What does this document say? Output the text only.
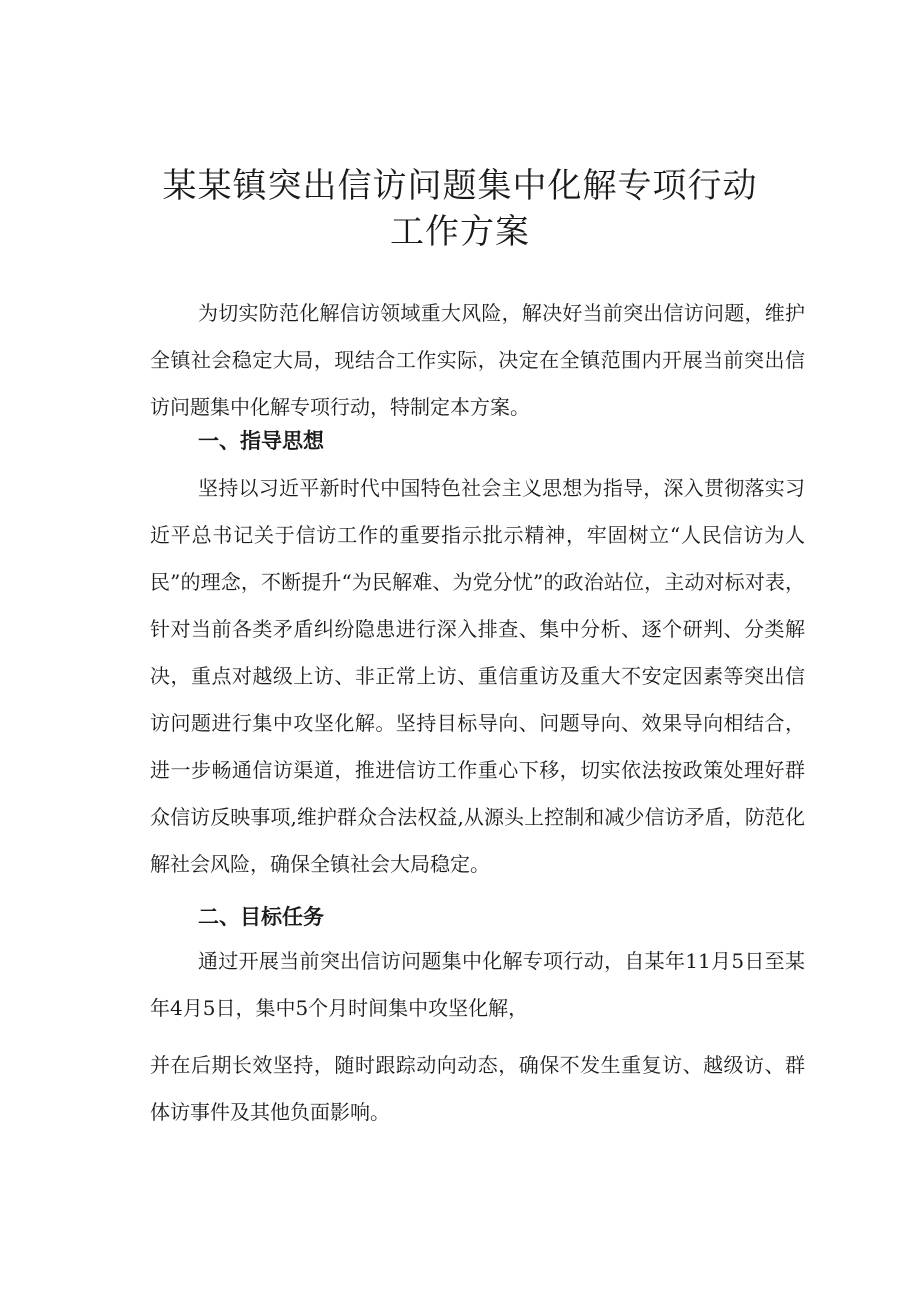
某某镇突出信访问题集中化解专项行动
工作方案

为切实防范化解信访领域重大风险，解决好当前突出信访问题，维护全镇社会稳定大局，现结合工作实际，决定在全镇范围内开展当前突出信访问题集中化解专项行动，特制定本方案。

一、指导思想

坚持以习近平新时代中国特色社会主义思想为指导，深入贯彻落实习近平总书记关于信访工作的重要指示批示精神，牢固树立“人民信访为人民”的理念，不断提升“为民解难、为党分忧”的政治站位，主动对标对表，针对当前各类矛盾纠纷隐患进行深入排查、集中分析、逐个研判、分类解决，重点对越级上访、非正常上访、重信重访及重大不安定因素等突出信访问题进行集中攻坚化解。坚持目标导向、问题导向、效果导向相结合，进一步畅通信访渠道，推进信访工作重心下移，切实依法按政策处理好群众信访反映事项,维护群众合法权益,从源头上控制和减少信访矛盾，防范化解社会风险，确保全镇社会大局稳定。

二、目标任务

通过开展当前突出信访问题集中化解专项行动，自某年11月5日至某年4月5日，集中5个月时间集中攻坚化解，

并在后期长效坚持，随时跟踪动向动态，确保不发生重复访、越级访、群体访事件及其他负面影响。
